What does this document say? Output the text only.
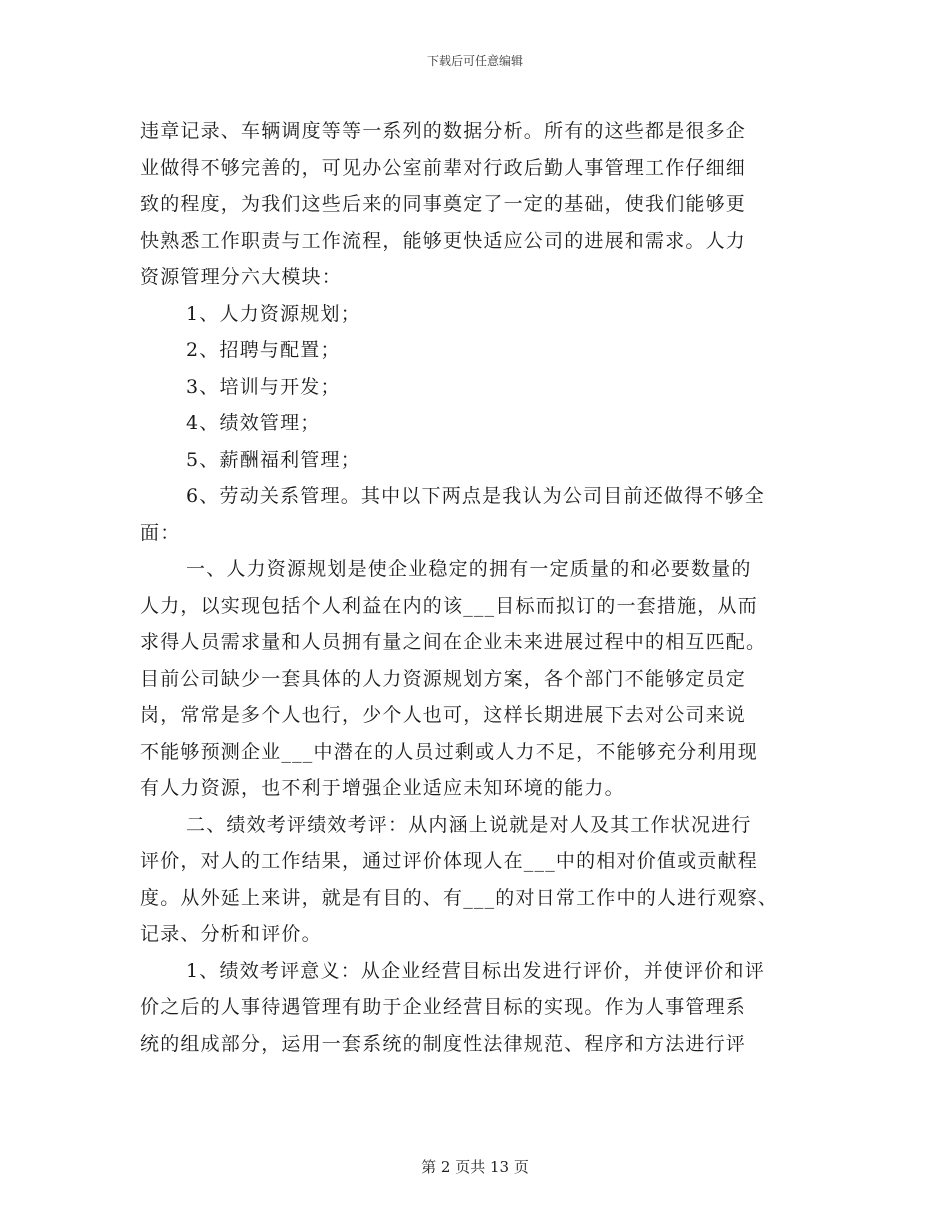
下载后可任意编辑
违章记录、车辆调度等等一系列的数据分析。所有的这些都是很多企
业做得不够完善的，可见办公室前辈对行政后勤人事管理工作仔细细
致的程度，为我们这些后来的同事奠定了一定的基础，使我们能够更
快熟悉工作职责与工作流程，能够更快适应公司的进展和需求。人力
资源管理分六大模块：
1、人力资源规划；
2、招聘与配置；
3、培训与开发；
4、绩效管理；
5、薪酬福利管理；
6、劳动关系管理。其中以下两点是我认为公司目前还做得不够全
面：
一、人力资源规划是使企业稳定的拥有一定质量的和必要数量的
人力，以实现包括个人利益在内的该___目标而拟订的一套措施，从而
求得人员需求量和人员拥有量之间在企业未来进展过程中的相互匹配。
目前公司缺少一套具体的人力资源规划方案，各个部门不能够定员定
岗，常常是多个人也行，少个人也可，这样长期进展下去对公司来说
不能够预测企业___中潜在的人员过剩或人力不足，不能够充分利用现
有人力资源，也不利于增强企业适应未知环境的能力。
二、绩效考评绩效考评：从内涵上说就是对人及其工作状况进行
评价，对人的工作结果，通过评价体现人在___中的相对价值或贡献程
度。从外延上来讲，就是有目的、有___的对日常工作中的人进行观察、
记录、分析和评价。
1、绩效考评意义：从企业经营目标出发进行评价，并使评价和评
价之后的人事待遇管理有助于企业经营目标的实现。作为人事管理系
统的组成部分，运用一套系统的制度性法律规范、程序和方法进行评
第 2 页共 13 页
